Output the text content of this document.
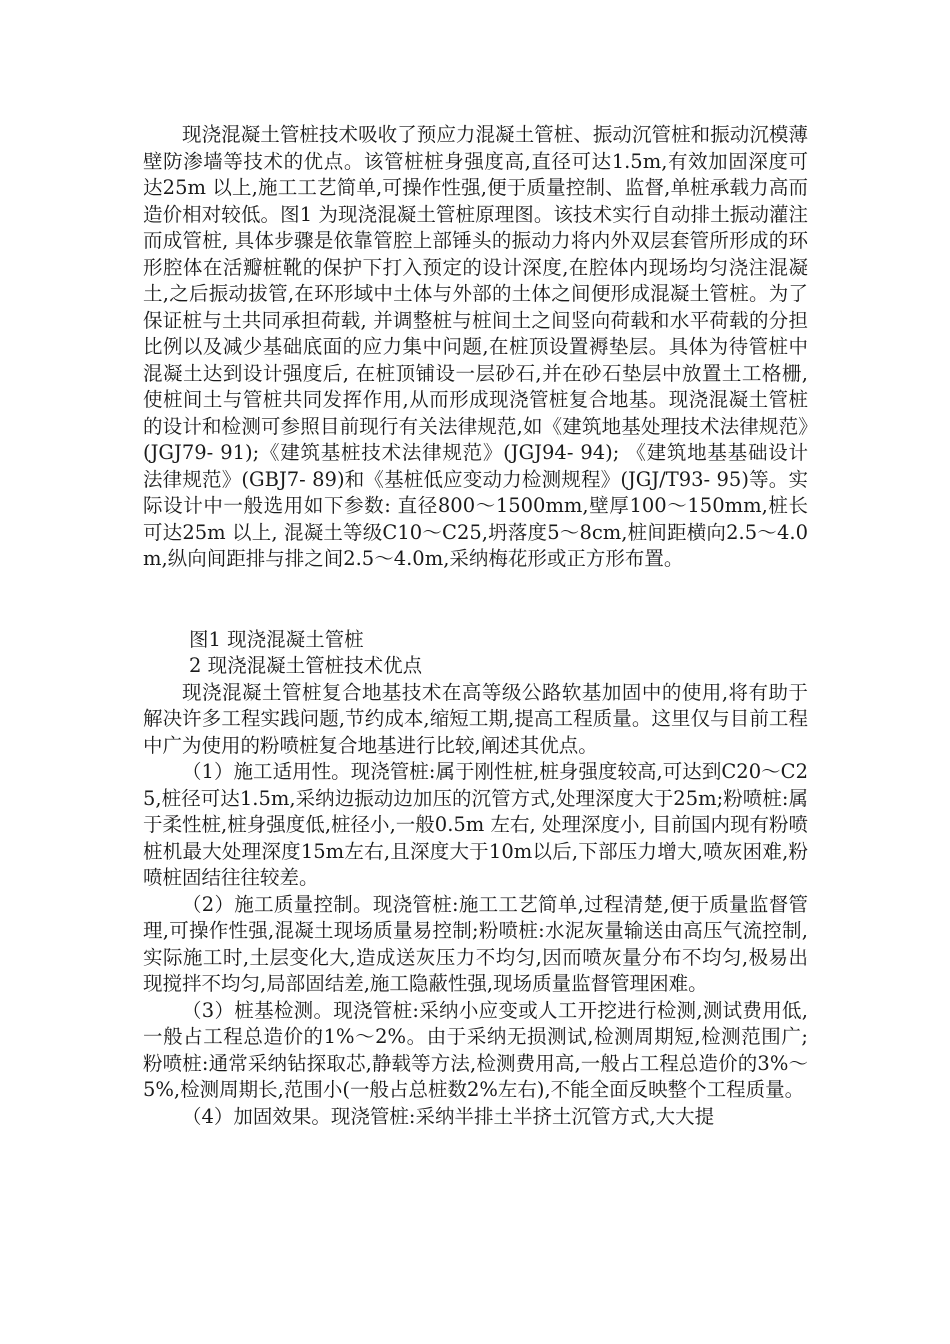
现浇混凝土管桩技术吸收了预应力混凝土管桩、振动沉管桩和振动沉模薄壁防渗墙等技术的优点。该管桩桩身强度高,直径可达1.5m,有效加固深度可达25m 以上,施工工艺简单,可操作性强,便于质量控制、监督,单桩承载力高而造价相对较低。图1 为现浇混凝土管桩原理图。该技术实行自动排土振动灌注而成管桩, 具体步骤是依靠管腔上部锤头的振动力将内外双层套管所形成的环形腔体在活瓣桩靴的保护下打入预定的设计深度,在腔体内现场均匀浇注混凝土,之后振动拔管,在环形域中土体与外部的土体之间便形成混凝土管桩。为了保证桩与土共同承担荷载, 并调整桩与桩间土之间竖向荷载和水平荷载的分担比例以及减少基础底面的应力集中问题,在桩顶设置褥垫层。具体为待管桩中混凝土达到设计强度后, 在桩顶铺设一层砂石,并在砂石垫层中放置土工格栅, 使桩间土与管桩共同发挥作用,从而形成现浇管桩复合地基。现浇混凝土管桩的设计和检测可参照目前现行有关法律规范,如《建筑地基处理技术法律规范》(JGJ79- 91);《建筑基桩技术法律规范》(JGJ94- 94); 《建筑地基基础设计法律规范》(GBJ7- 89)和《基桩低应变动力检测规程》(JGJ/T93- 95)等。实际设计中一般选用如下参数: 直径800～1500mm,壁厚100～150mm,桩长可达25m 以上, 混凝土等级C10～C25,坍落度5～8cm,桩间距横向2.5～4.0m,纵向间距排与排之间2.5～4.0m,采纳梅花形或正方形布置。

图1 现浇混凝土管桩

2 现浇混凝土管桩技术优点

现浇混凝土管桩复合地基技术在高等级公路软基加固中的使用,将有助于解决许多工程实践问题,节约成本,缩短工期,提高工程质量。这里仅与目前工程中广为使用的粉喷桩复合地基进行比较,阐述其优点。

（1）施工适用性。现浇管桩:属于刚性桩,桩身强度较高,可达到C20～C25,桩径可达1.5m,采纳边振动边加压的沉管方式,处理深度大于25m;粉喷桩:属于柔性桩,桩身强度低,桩径小,一般0.5m 左右, 处理深度小, 目前国内现有粉喷桩机最大处理深度15m左右,且深度大于10m以后,下部压力增大,喷灰困难,粉喷桩固结往往较差。

（2）施工质量控制。现浇管桩:施工工艺简单,过程清楚,便于质量监督管理,可操作性强,混凝土现场质量易控制;粉喷桩:水泥灰量输送由高压气流控制,实际施工时,土层变化大,造成送灰压力不均匀,因而喷灰量分布不均匀,极易出现搅拌不均匀,局部固结差,施工隐蔽性强,现场质量监督管理困难。

（3）桩基检测。现浇管桩:采纳小应变或人工开挖进行检测,测试费用低,一般占工程总造价的1%～2%。由于采纳无损测试,检测周期短,检测范围广;粉喷桩:通常采纳钻探取芯,静载等方法,检测费用高,一般占工程总造价的3%～5%,检测周期长,范围小(一般占总桩数2%左右),不能全面反映整个工程质量。

（4）加固效果。现浇管桩:采纳半排土半挤土沉管方式,大大提
